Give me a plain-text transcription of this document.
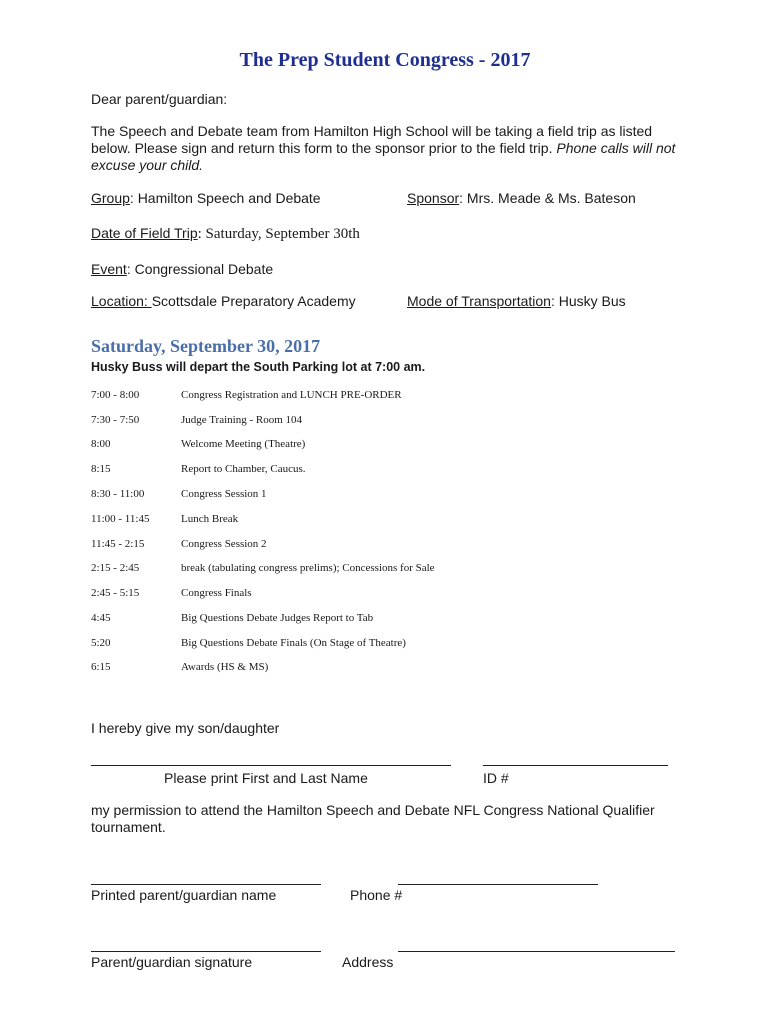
The Prep Student Congress - 2017
Dear parent/guardian:
The Speech and Debate team from Hamilton High School will be taking a field trip as listed
below. Please sign and return this form to the sponsor prior to the field trip. Phone calls will not
excuse your child.
Group: Hamilton Speech and Debate	Sponsor: Mrs. Meade & Ms. Bateson
Date of Field Trip: Saturday, September 30th
Event: Congressional Debate
Location: Scottsdale Preparatory Academy	Mode of Transportation: Husky Bus
Saturday, September 30, 2017
Husky Buss will depart the South Parking lot at 7:00 am.
7:00 - 8:00	Congress Registration and LUNCH PRE-ORDER
7:30 - 7:50	Judge Training - Room 104
8:00	Welcome Meeting (Theatre)
8:15	Report to Chamber, Caucus.
8:30 - 11:00	Congress Session 1
11:00 - 11:45	Lunch Break
11:45 - 2:15	Congress Session 2
2:15 - 2:45	break (tabulating congress prelims); Concessions for Sale
2:45 - 5:15	Congress Finals
4:45	Big Questions Debate Judges Report to Tab
5:20	Big Questions Debate Finals (On Stage of Theatre)
6:15	Awards (HS & MS)
I hereby give my son/daughter
Please print First and Last Name	ID #
my permission to attend the Hamilton Speech and Debate NFL Congress National Qualifier
tournament.
Printed parent/guardian name	Phone #
Parent/guardian signature	Address
